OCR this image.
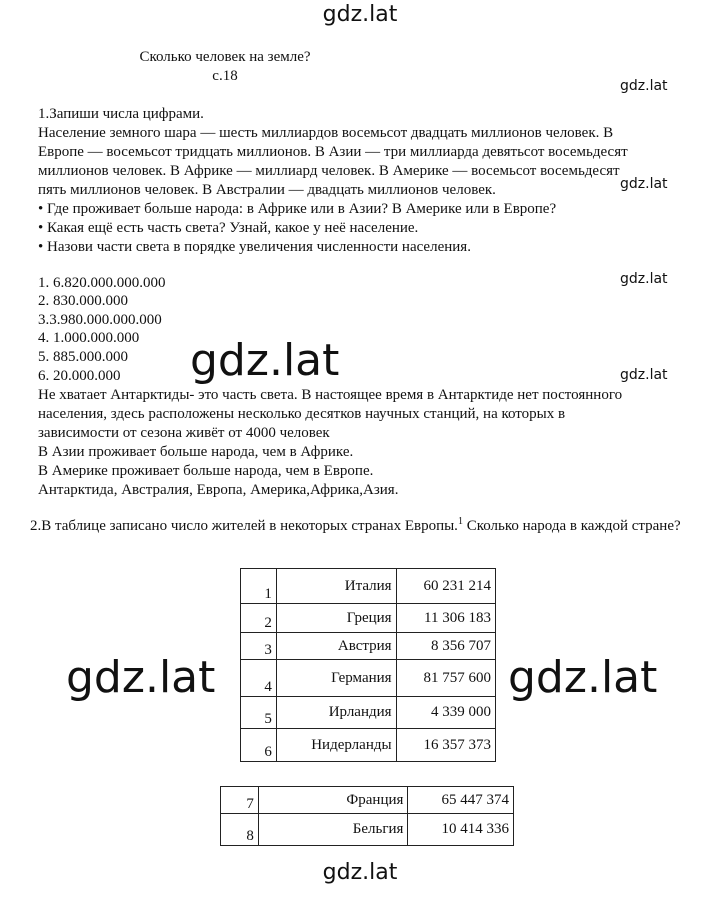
gdz.lat
gdz.lat
gdz.lat
gdz.lat
gdz.lat
gdz.lat
gdz.lat	gdz.lat
gdz.lat
Сколько человек на земле?
с.18
1.Запиши числа цифрами.
Население земного шара — шесть миллиардов восемьсот двадцать миллионов человек. В
Европе — восемьсот тридцать миллионов. В Азии — три миллиарда девятьсот восемьдесят
миллионов человек. В Африке — миллиард человек. В Америке — восемьсот восемьдесят
пять миллионов человек. В Австралии — двадцать миллионов человек.
• Где проживает больше народа: в Африке или в Азии? В Америке или в Европе?
• Какая ещё есть часть света? Узнай, какое у неё население.
• Назови части света в порядке увеличения численности населения.
1. 6.820.000.000.000
2. 830.000.000
3.3.980.000.000.000
4. 1.000.000.000
5. 885.000.000
6. 20.000.000
Не хватает Антарктиды- это часть света. В настоящее время в Антарктиде нет постоянного
населения, здесь расположены несколько десятков научных станций, на которых в
зависимости от сезона живёт от 4000 человек
В Азии проживает больше народа, чем в Африке.
В Америке проживает больше народа, чем в Европе.
Антарктида, Австралия, Европа, Америка,Африка,Азия.
2.В таблице записано число жителей в некоторых странах Европы.$^1$ Сколько народа в каждой стране?
1	Италия	60 231 214
2	Греция	11 306 183
3	Австрия	8 356 707
4	Германия	81 757 600
5	Ирландия	4 339 000
6	Нидерланды	16 357 373
7	Франция	65 447 374
8	Бельгия	10 414 336
